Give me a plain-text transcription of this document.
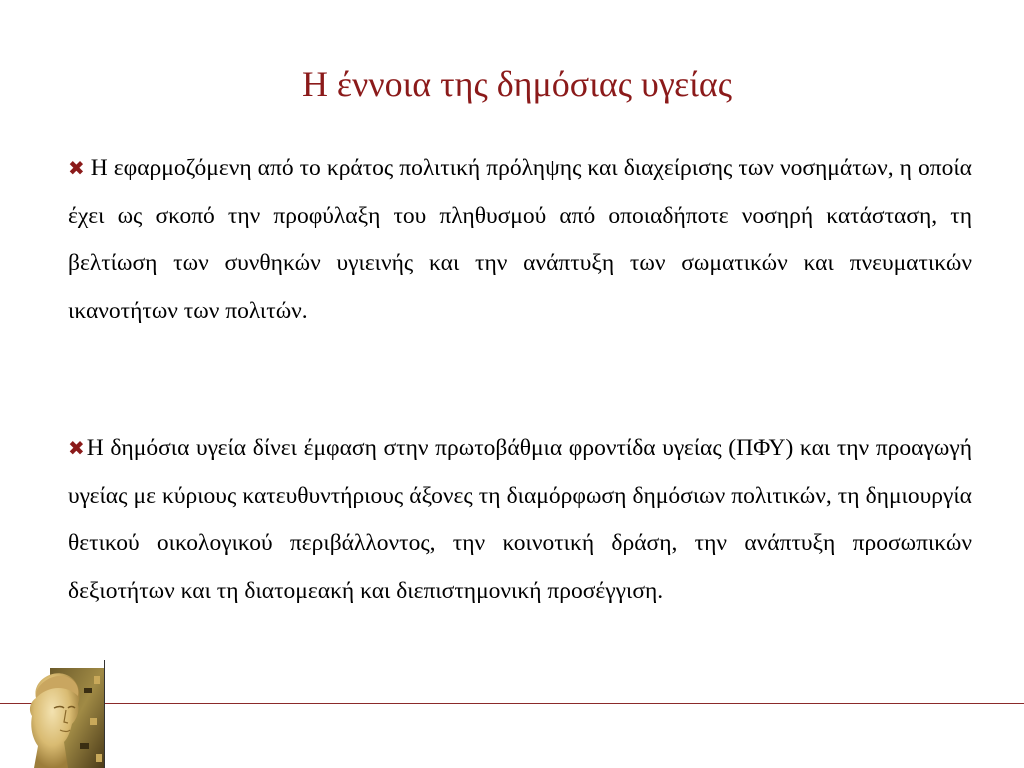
Η έννοια της δημόσιας υγείας

✖ Η εφαρμοζόμενη από το κράτος πολιτική πρόληψης και διαχείρισης των νοσημάτων, η οποία έχει ως σκοπό την προφύλαξη του πληθυσμού από οποιαδήποτε νοσηρή κατάσταση, τη βελτίωση των συνθηκών υγιεινής και την ανάπτυξη των σωματικών και πνευματικών ικανοτήτων των πολιτών.

✖Η δημόσια υγεία δίνει έμφαση στην πρωτοβάθμια φροντίδα υγείας (ΠΦΥ) και την προαγωγή υγείας με κύριους κατευθυντήριους άξονες τη διαμόρφωση δημόσιων πολιτικών, τη δημιουργία θετικού οικολογικού περιβάλλοντος, την κοινοτική δράση, την ανάπτυξη προσωπικών δεξιοτήτων και τη διατομεακή και διεπιστημονική προσέγγιση.
